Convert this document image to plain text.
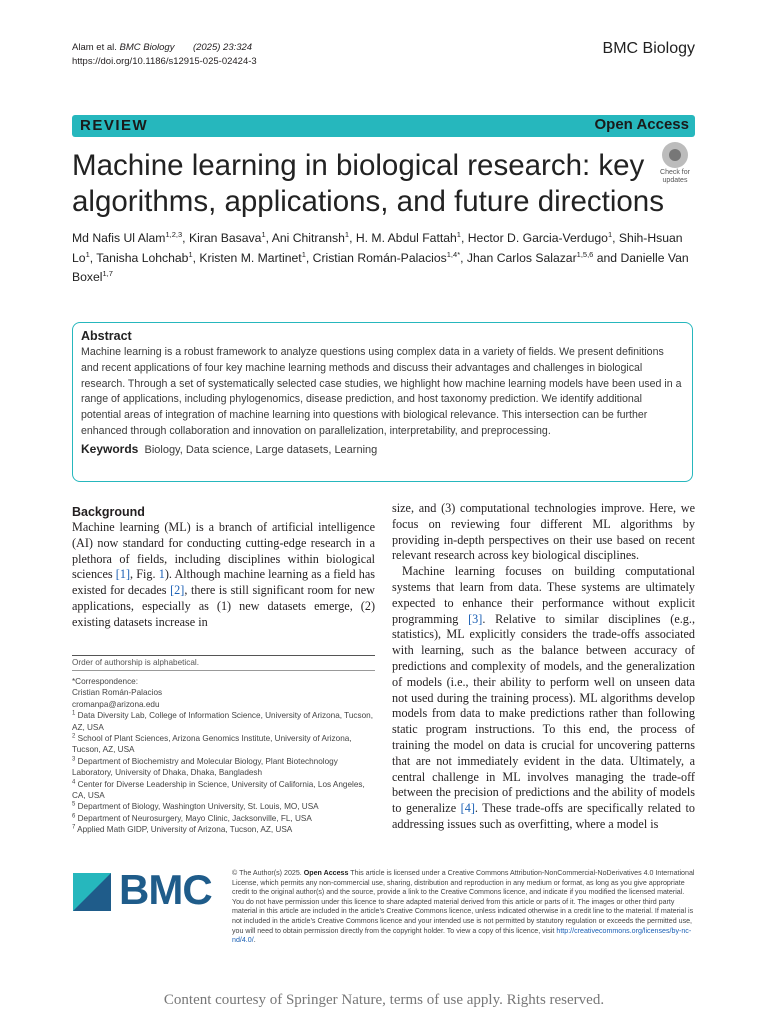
Alam et al. BMC Biology (2025) 23:324
https://doi.org/10.1186/s12915-025-02424-3
BMC Biology
REVIEW	Open Access
Check for
updates
Machine learning in biological research: key algorithms, applications, and future directions
Md Nafis Ul Alam$^{1,2,3}$, Kiran Basava$^1$, Ani Chitransh$^1$, H. M. Abdul Fattah$^1$, Hector D. Garcia-Verdugo$^1$, Shih-Hsuan Lo$^1$, Tanisha Lohchab$^1$, Kristen M. Martinet$^1$, Cristian Román-Palacios$^{1,4*}$, Jhan Carlos Salazar$^{1,5,6}$ and Danielle Van Boxel$^{1,7}$
Abstract

Machine learning is a robust framework to analyze questions using complex data in a variety of fields. We present definitions and recent applications of four key machine learning methods and discuss their advantages and challenges in biological research. Through a set of systematically selected case studies, we highlight how machine learning models have been used in a range of applications, including phylogenomics, disease prediction, and host taxonomy prediction. We identify additional potential areas of integration of machine learning into questions with biological relevance. This intersection can be further enhanced through collaboration and innovation on parallelization, interpretability, and preprocessing.

Keywords Biology, Data science, Large datasets, Learning
Background

Machine learning (ML) is a branch of artificial intelligence (AI) now standard for conducting cutting-edge research in a plethora of fields, including disciplines within biological sciences [1], Fig. 1). Although machine learning as a field has existed for decades [2], there is still significant room for new applications, especially as (1) new datasets emerge, (2) existing datasets increase in

Order of authorship is alphabetical.
*Correspondence:
Cristian Román-Palacios
cromanpa@arizona.edu
$^1$ Data Diversity Lab, College of Information Science, University of Arizona, Tucson, AZ, USA
$^2$ School of Plant Sciences, Arizona Genomics Institute, University of Arizona, Tucson, AZ, USA
$^3$ Department of Biochemistry and Molecular Biology, Plant Biotechnology Laboratory, University of Dhaka, Dhaka, Bangladesh
$^4$ Center for Diverse Leadership in Science, University of California, Los Angeles, CA, USA
$^5$ Department of Biology, Washington University, St. Louis, MO, USA
$^6$ Department of Neurosurgery, Mayo Clinic, Jacksonville, FL, USA
$^7$ Applied Math GIDP, University of Arizona, Tucson, AZ, USA

size, and (3) computational technologies improve. Here, we focus on reviewing four different ML algorithms by providing in-depth perspectives on their use based on recent relevant research across key biological disciplines.

Machine learning focuses on building computational systems that learn from data. These systems are ultimately expected to enhance their performance without explicit programming [3]. Relative to similar disciplines (e.g., statistics), ML explicitly considers the trade-offs associated with learning, such as the balance between accuracy of predictions and complexity of models, and the generalization of models (i.e., their ability to perform well on unseen data not used during the training process). ML algorithms develop models from data to make predictions rather than following static program instructions. To this end, the process of training the model on data is crucial for uncovering patterns that are not immediately evident in the data. Ultimately, a central challenge in ML involves managing the trade-off between the precision of predictions and the ability of models to generalize [4]. These trade-offs are specifically related to addressing issues such as overfitting, where a model is

BMC	© The Author(s) 2025. Open Access This article is licensed under a Creative Commons Attribution-NonCommercial-NoDerivatives 4.0 International License, which permits any non-commercial use, sharing, distribution and reproduction in any medium or format, as long as you give appropriate credit to the original author(s) and the source, provide a link to the Creative Commons licence, and indicate if you modified the licensed material. You do not have permission under this licence to share adapted material derived from this article or parts of it. The images or other third party material in this article are included in the article’s Creative Commons licence, unless indicated otherwise in a credit line to the material. If material is not included in the article’s Creative Commons licence and your intended use is not permitted by statutory regulation or exceeds the permitted use, you will need to obtain permission directly from the copyright holder. To view a copy of this licence, visit http://creativecommons.org/licenses/by-nc-nd/4.0/.
Content courtesy of Springer Nature, terms of use apply. Rights reserved.
